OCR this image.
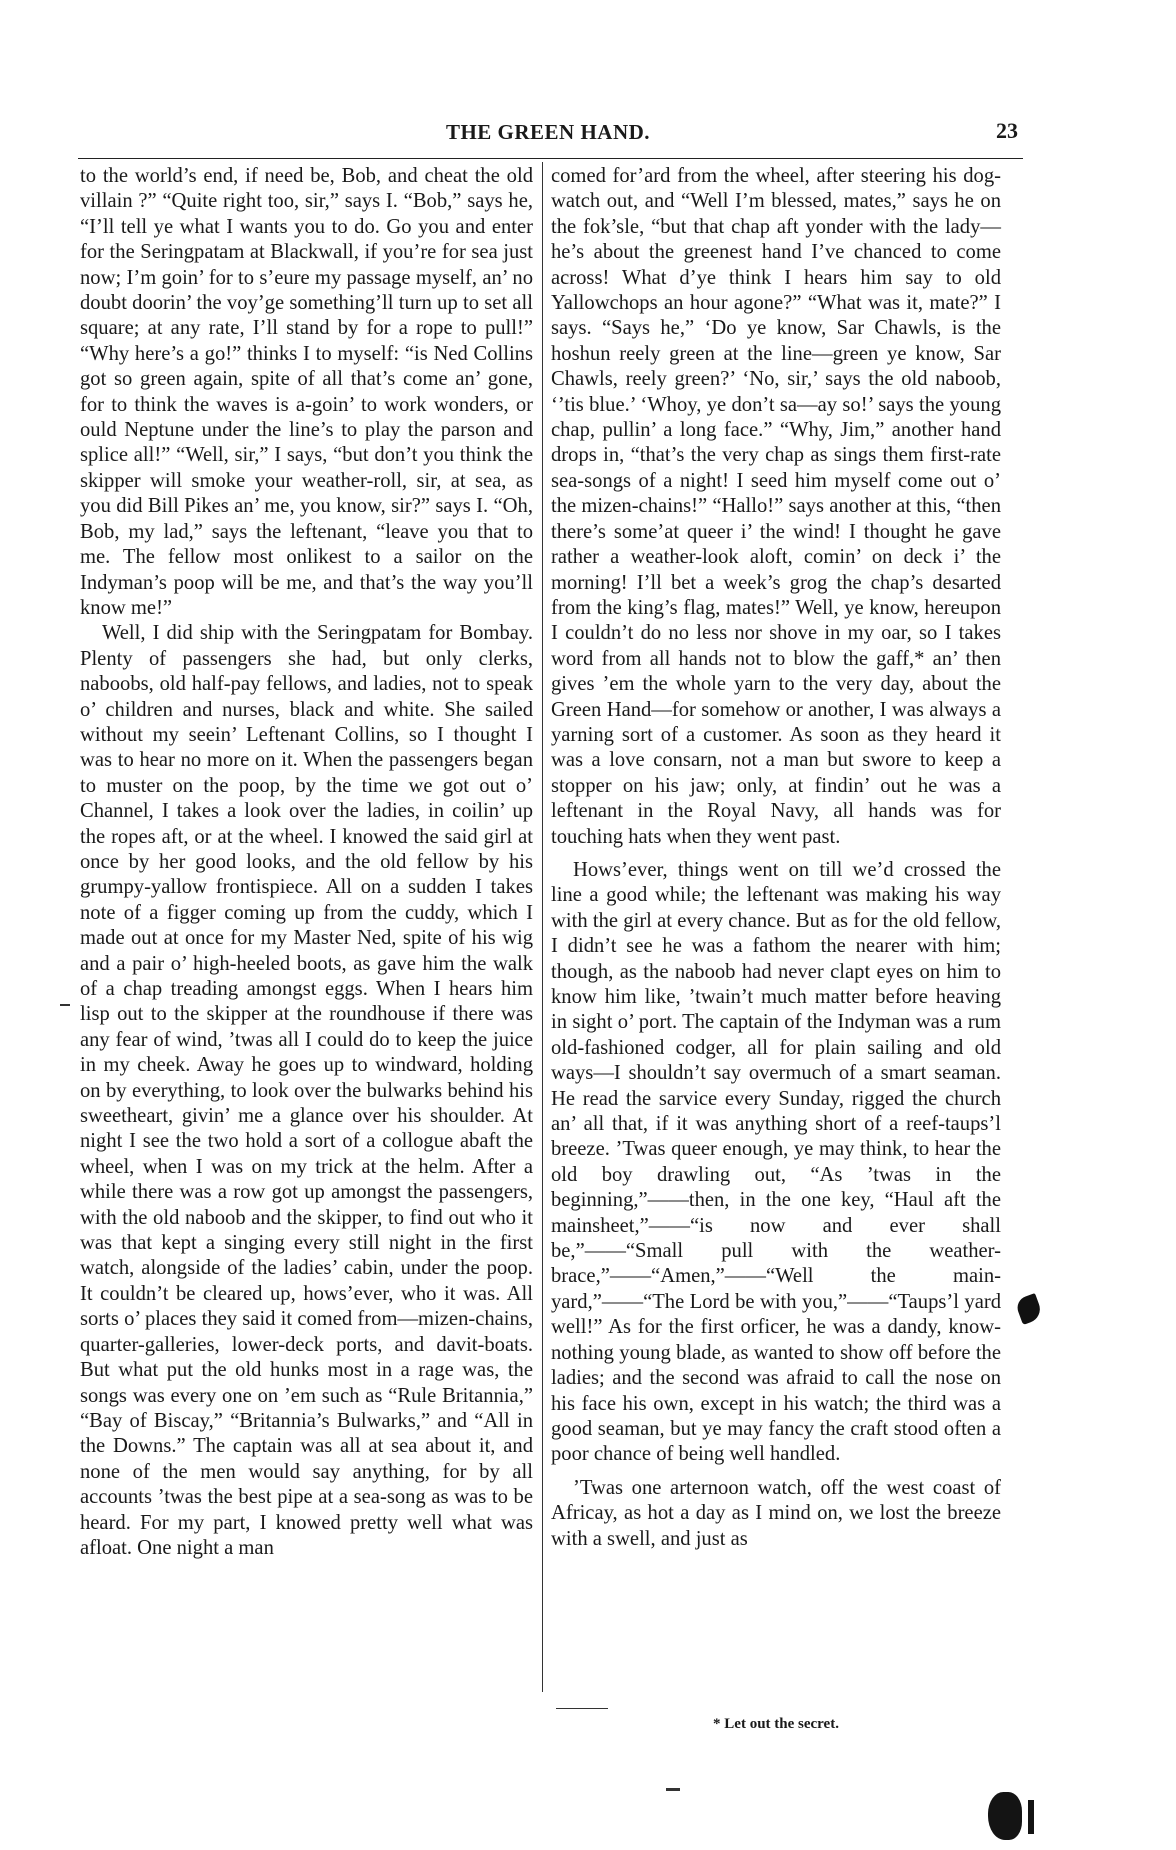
THE GREEN HAND.	23

to the world’s end, if need be, Bob, and cheat the old villain ?” “Quite right too, sir,” says I. “Bob,” says he, “I’ll tell ye what I wants you to do. Go you and enter for the Seringpatam at Blackwall, if you’re for sea just now; I’m goin’ for to s’eure my passage myself, an’ no doubt doorin’ the voy’ge something’ll turn up to set all square; at any rate, I’ll stand by for a rope to pull!” “Why here’s a go!” thinks I to myself: “is Ned Collins got so green again, spite of all that’s come an’ gone, for to think the waves is a-goin’ to work wonders, or ould Neptune under the line’s to play the parson and splice all!” “Well, sir,” I says, “but don’t you think the skipper will smoke your weather-roll, sir, at sea, as you did Bill Pikes an’ me, you know, sir?” says I. “Oh, Bob, my lad,” says the leftenant, “leave you that to me. The fellow most onlikest to a sailor on the Indyman’s poop will be me, and that’s the way you’ll know me!”

Well, I did ship with the Seringpatam for Bombay. Plenty of passengers she had, but only clerks, naboobs, old half-pay fellows, and ladies, not to speak o’ children and nurses, black and white. She sailed without my seein’ Leftenant Collins, so I thought I was to hear no more on it. When the passengers began to muster on the poop, by the time we got out o’ Channel, I takes a look over the ladies, in coilin’ up the ropes aft, or at the wheel. I knowed the said girl at once by her good looks, and the old fellow by his grumpy-yallow frontispiece. All on a sudden I takes note of a figger coming up from the cuddy, which I made out at once for my Master Ned, spite of his wig and a pair o’ high-heeled boots, as gave him the walk of a chap treading amongst eggs. When I hears him lisp out to the skipper at the roundhouse if there was any fear of wind, ’twas all I could do to keep the juice in my cheek. Away he goes up to windward, holding on by everything, to look over the bulwarks behind his sweetheart, givin’ me a glance over his shoulder. At night I see the two hold a sort of a collogue abaft the wheel, when I was on my trick at the helm. After a while there was a row got up amongst the passengers, with the old naboob and the skipper, to find out who it was that kept a singing every still night in the first watch, alongside of the ladies’ cabin, under the poop. It couldn’t be cleared up, hows’ever, who it was. All sorts o’ places they said it comed from—mizen-chains, quarter-galleries, lower-deck ports, and davit-boats. But what put the old hunks most in a rage was, the songs was every one on ’em such as “Rule Britannia,” “Bay of Biscay,” “Britannia’s Bulwarks,” and “All in the Downs.” The captain was all at sea about it, and none of the men would say anything, for by all accounts ’twas the best pipe at a sea-song as was to be heard. For my part, I knowed pretty well what was afloat. One night a man

comed for’ard from the wheel, after steering his dog-watch out, and “Well I’m blessed, mates,” says he on the fok’sle, “but that chap aft yonder with the lady—he’s about the greenest hand I’ve chanced to come across! What d’ye think I hears him say to old Yallowchops an hour agone?” “What was it, mate?” I says. “Says he,” ‘Do ye know, Sar Chawls, is the hoshun reely green at the line—green ye know, Sar Chawls, reely green?’ ‘No, sir,’ says the old naboob, ‘’tis blue.’ ‘Whoy, ye don’t sa—ay so!’ says the young chap, pullin’ a long face.” “Why, Jim,” another hand drops in, “that’s the very chap as sings them first-rate sea-songs of a night! I seed him myself come out o’ the mizen-chains!” “Hallo!” says another at this, “then there’s some’at queer i’ the wind! I thought he gave rather a weather-look aloft, comin’ on deck i’ the morning! I’ll bet a week’s grog the chap’s desarted from the king’s flag, mates!” Well, ye know, hereupon I couldn’t do no less nor shove in my oar, so I takes word from all hands not to blow the gaff,* an’ then gives ’em the whole yarn to the very day, about the Green Hand—for somehow or another, I was always a yarning sort of a customer. As soon as they heard it was a love consarn, not a man but swore to keep a stopper on his jaw; only, at findin’ out he was a leftenant in the Royal Navy, all hands was for touching hats when they went past.

Hows’ever, things went on till we’d crossed the line a good while; the leftenant was making his way with the girl at every chance. But as for the old fellow, I didn’t see he was a fathom the nearer with him; though, as the naboob had never clapt eyes on him to know him like, ’twain’t much matter before heaving in sight o’ port. The captain of the Indyman was a rum old-fashioned codger, all for plain sailing and old ways—I shouldn’t say overmuch of a smart seaman. He read the sarvice every Sunday, rigged the church an’ all that, if it was anything short of a reef-taups’l breeze. ’Twas queer enough, ye may think, to hear the old boy drawling out, “As ’twas in the beginning,”——then, in the one key, “Haul aft the mainsheet,”——“is now and ever shall be,”——“Small pull with the weather-brace,”——“Amen,”——“Well the main-yard,”——“The Lord be with you,”——“Taups’l yard well!” As for the first orficer, he was a dandy, know-nothing young blade, as wanted to show off before the ladies; and the second was afraid to call the nose on his face his own, except in his watch; the third was a good seaman, but ye may fancy the craft stood often a poor chance of being well handled.

’Twas one arternoon watch, off the west coast of Africay, as hot a day as I mind on, we lost the breeze with a swell, and just as

* Let out the secret.
